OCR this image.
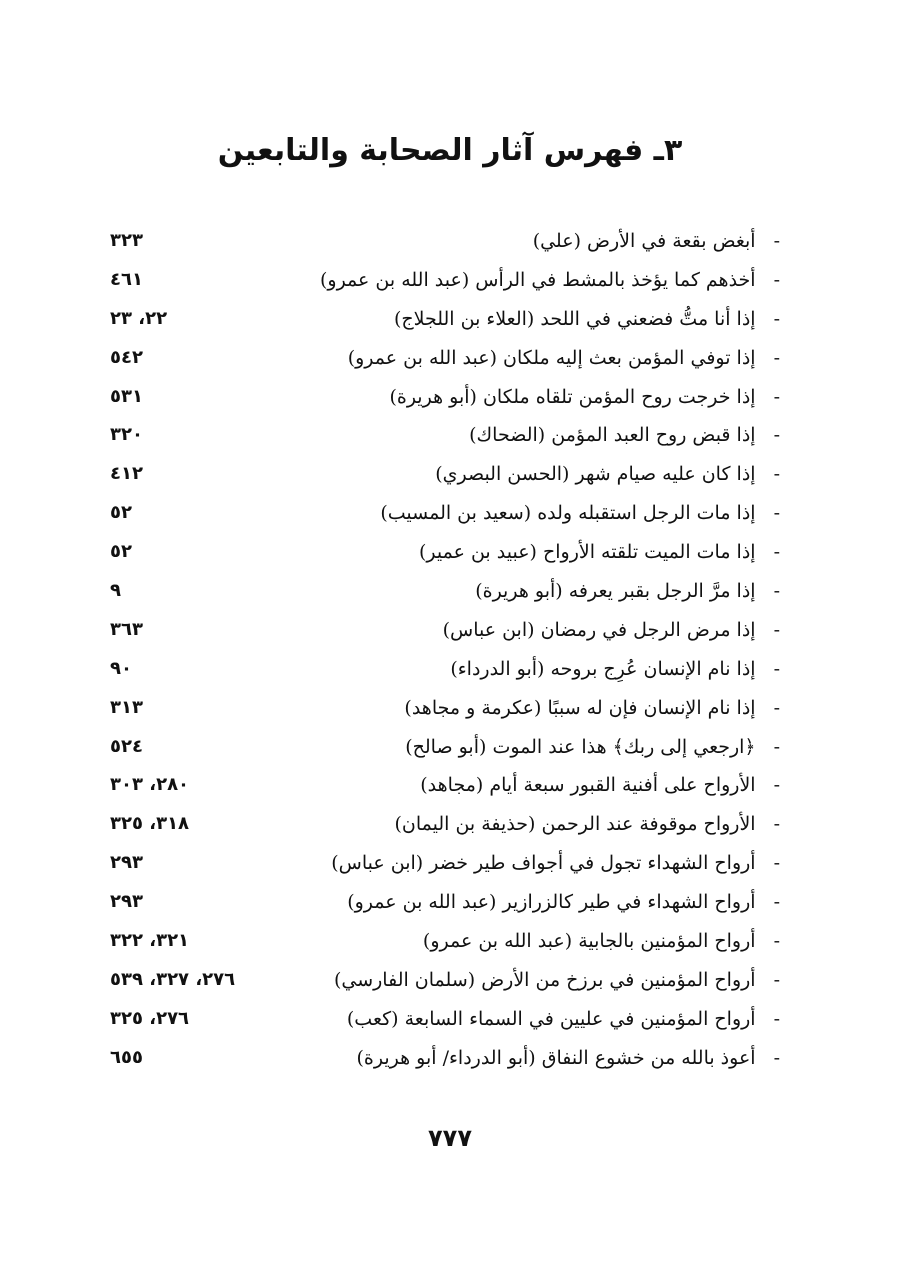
٣ـ فهرس آثار الصحابة والتابعين
-أبغض بقعة في الأرض (علي)
٣٢٣
-أخذهم كما يؤخذ بالمشط في الرأس (عبد الله بن عمرو)
٤٦١
-إذا أنا متُّ فضعني في اللحد (العلاء بن اللجلاج)
٢٢، ٢٣
-إذا توفي المؤمن بعث إليه ملكان (عبد الله بن عمرو)
٥٤٢
-إذا خرجت روح المؤمن تلقاه ملكان (أبو هريرة)
٥٣١
-إذا قبض روح العبد المؤمن (الضحاك)
٣٢٠
-إذا كان عليه صيام شهر (الحسن البصري)
٤١٢
-إذا مات الرجل استقبله ولده (سعيد بن المسيب)
٥٢
-إذا مات الميت تلقته الأرواح (عبيد بن عمير)
٥٢
-إذا مرَّ الرجل بقبر يعرفه (أبو هريرة)
٩
-إذا مرض الرجل في رمضان (ابن عباس)
٣٦٣
-إذا نام الإنسان عُرِج بروحه (أبو الدرداء)
٩٠
-إذا نام الإنسان فإن له سببًا (عكرمة و مجاهد)
٣١٣
-﴿ارجعي إلى ربك﴾ هذا عند الموت (أبو صالح)
٥٢٤
-الأرواح على أفنية القبور سبعة أيام (مجاهد)
٢٨٠، ٣٠٣
-الأرواح موقوفة عند الرحمن (حذيفة بن اليمان)
٣١٨، ٣٢٥
-أرواح الشهداء تجول في أجواف طير خضر (ابن عباس)
٢٩٣
-أرواح الشهداء في طير كالزرازير (عبد الله بن عمرو)
٢٩٣
-أرواح المؤمنين بالجابية (عبد الله بن عمرو)
٣٢١، ٣٢٢
-أرواح المؤمنين في برزخ من الأرض (سلمان الفارسي)
٢٧٦، ٣٢٧، ٥٣٩
-أرواح المؤمنين في عليين في السماء السابعة (كعب)
٢٧٦، ٣٢٥
-أعوذ بالله من خشوع النفاق (أبو الدرداء/ أبو هريرة)
٦٥٥
٧٧٧
